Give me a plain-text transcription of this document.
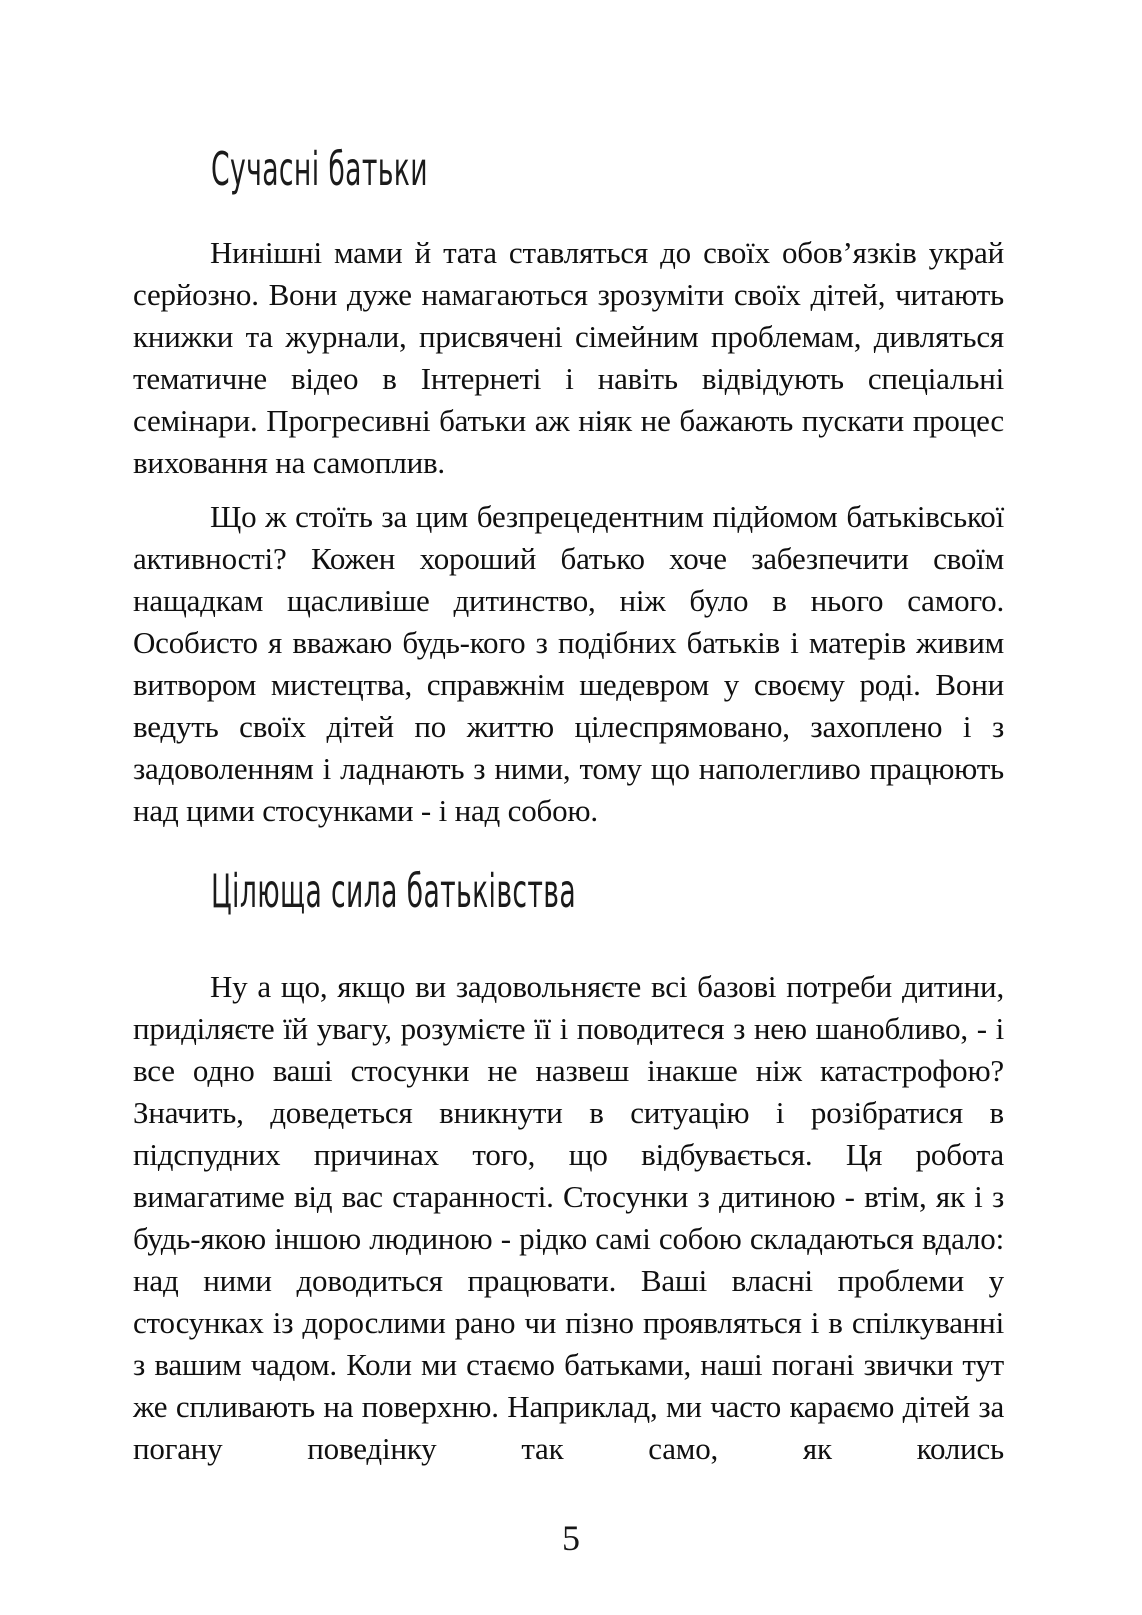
Сучасні батьки

Нинішні мами й тата ставляться до своїх обов’язків украй серйозно. Вони дуже намагаються зрозуміти своїх дітей, читають книжки та журнали, присвячені сімейним проблемам, дивляться тематичне відео в Інтернеті і навіть відвідують спеціальні семінари. Прогресивні батьки аж ніяк не бажають пускати процес виховання на самоплив.

Що ж стоїть за цим безпрецедентним підйомом батьківської активності? Кожен хороший батько хоче забезпечити своїм нащадкам щасливіше дитинство, ніж було в нього самого. Особисто я вважаю будь-кого з подібних батьків і матерів живим витвором мистецтва, справжнім шедевром у своєму роді. Вони ведуть своїх дітей по життю цілеспрямовано, захоплено і з задоволенням і ладнають з ними, тому що наполегливо працюють над цими стосунками - і над собою.

Цілюща сила батьківства

Ну а що, якщо ви задовольняєте всі базові потреби дитини, приділяєте їй увагу, розумієте її і поводитеся з нею шанобливо, - і все одно ваші стосунки не назвеш інакше ніж катастрофою? Значить, доведеться вникнути в ситуацію і розібратися в підспудних причинах того, що відбувається. Ця робота вимагатиме від вас старанності. Стосунки з дитиною - втім, як і з будь-якою іншою людиною - рідко самі собою складаються вдало: над ними доводиться працювати. Ваші власні проблеми у стосунках із дорослими рано чи пізно проявляться і в спілкуванні з вашим чадом. Коли ми стаємо батьками, наші погані звички тут же спливають на поверхню. Наприклад, ми часто караємо дітей за погану поведінку так само, як колись

5
